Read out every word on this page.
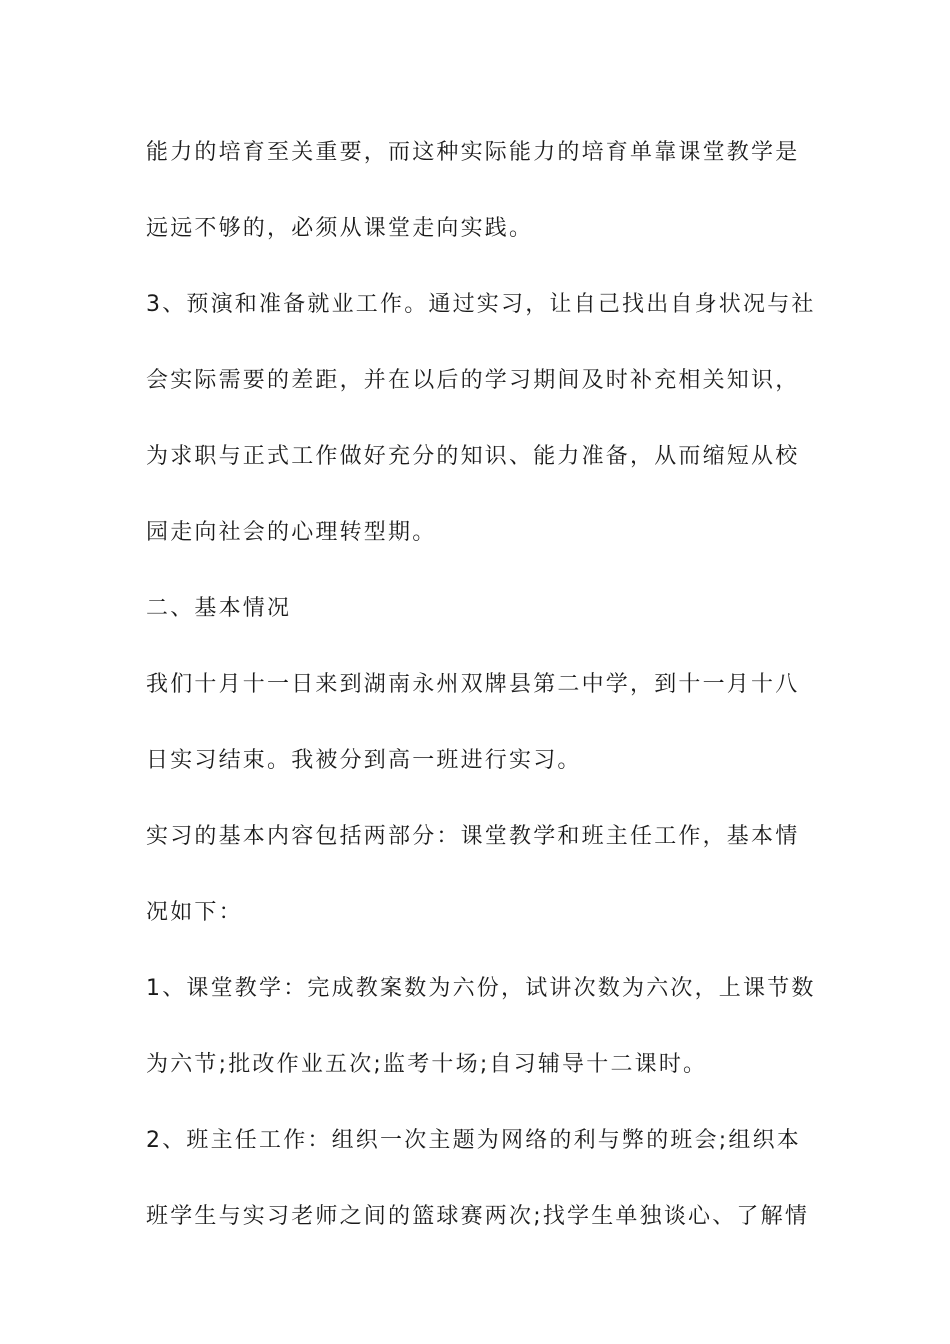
能力的培育至关重要，而这种实际能力的培育单靠课堂教学是

远远不够的，必须从课堂走向实践。

3、预演和准备就业工作。通过实习，让自己找出自身状况与社

会实际需要的差距，并在以后的学习期间及时补充相关知识，

为求职与正式工作做好充分的知识、能力准备，从而缩短从校

园走向社会的心理转型期。

二、基本情况

我们十月十一日来到湖南永州双牌县第二中学，到十一月十八

日实习结束。我被分到高一班进行实习。

实习的基本内容包括两部分：课堂教学和班主任工作，基本情

况如下：

1、课堂教学：完成教案数为六份，试讲次数为六次，上课节数

为六节;批改作业五次;监考十场;自习辅导十二课时。

2、班主任工作：组织一次主题为网络的利与弊的班会;组织本

班学生与实习老师之间的篮球赛两次;找学生单独谈心、了解情
